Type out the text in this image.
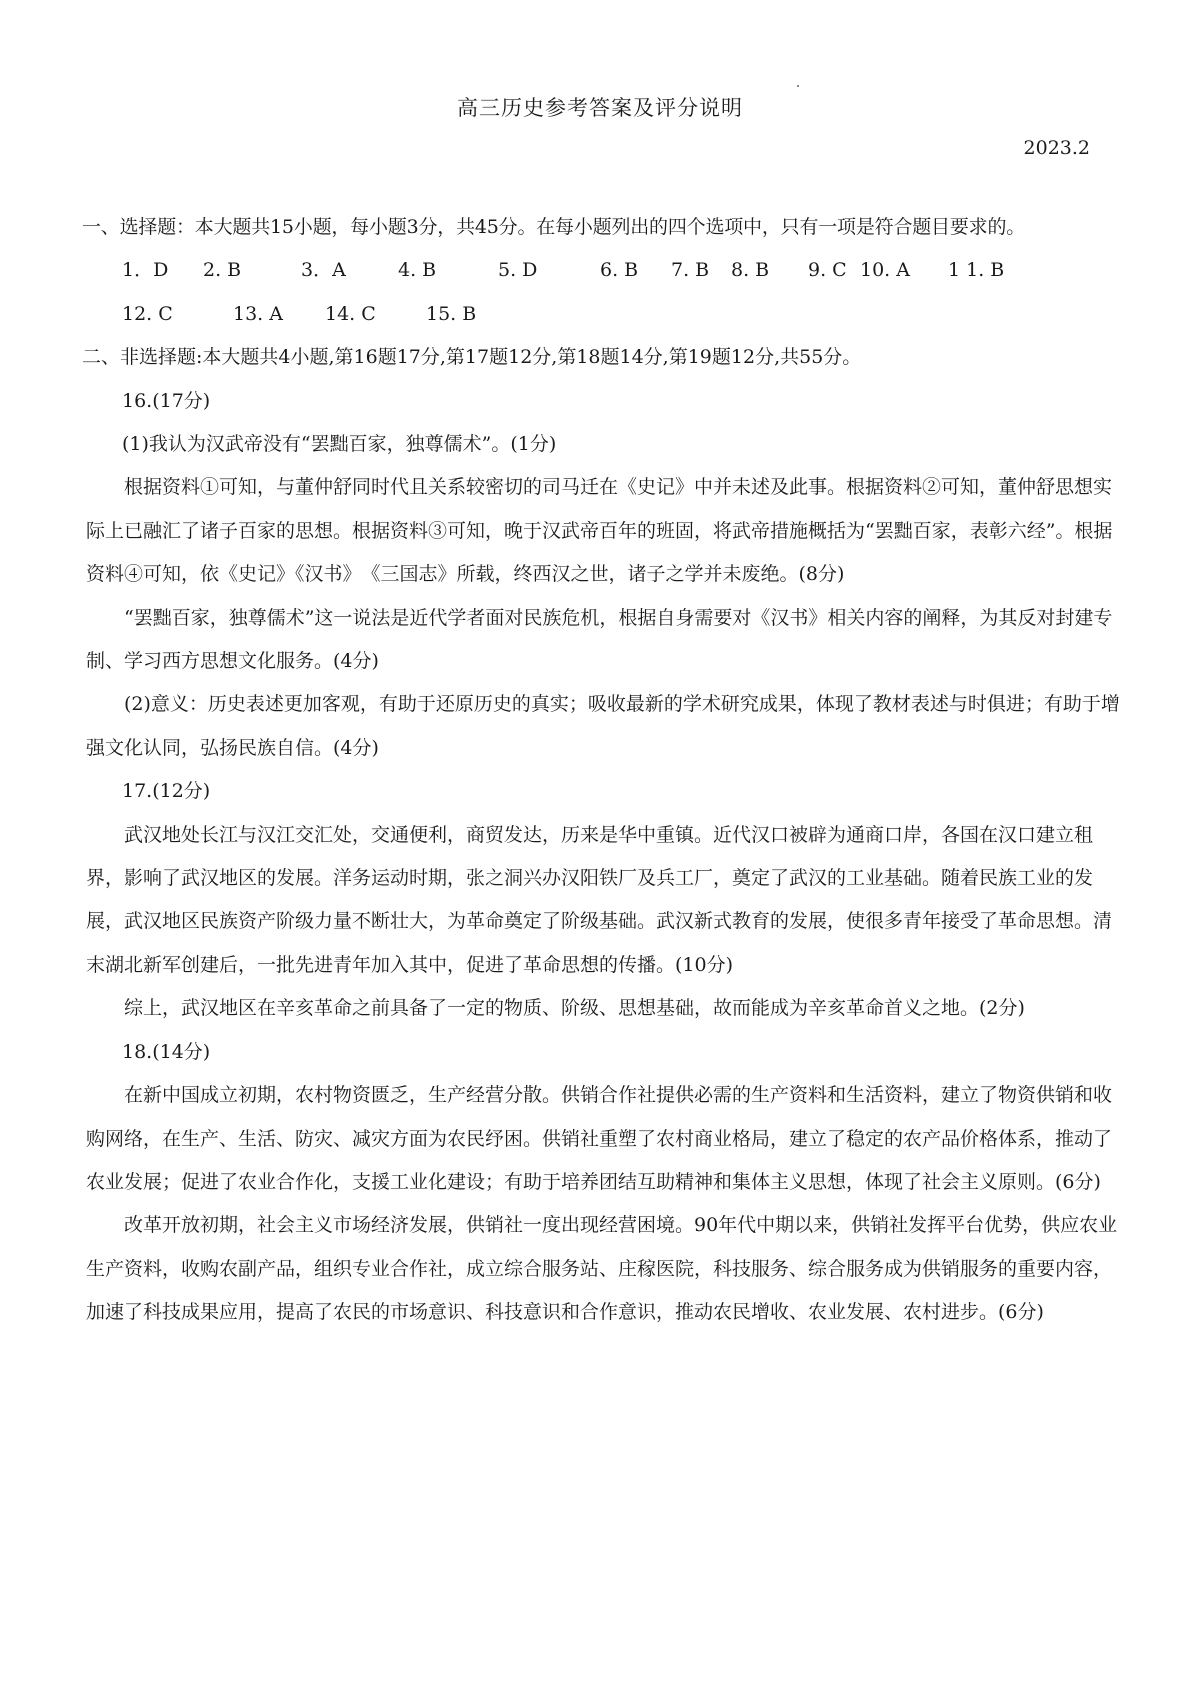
高三历史参考答案及评分说明
2023.2

一、选择题：本大题共15小题，每小题3分，共45分。在每小题列出的四个选项中，只有一项是符合题目要求的。

1．D	2. B	3．A	4. B	5. D	6. B	7. B	8. B	9. C 10. A	1 1. B
12. C	13. A	14. C	15. B

二、非选择题:本大题共4小题,第16题17分,第17题12分,第18题14分,第19题12分,共55分。

16.(17分)

(1)我认为汉武帝没有“罢黜百家，独尊儒术”。(1分)

根据资料①可知，与董仲舒同时代且关系较密切的司马迁在《史记》中并未述及此事。根据资料②可知，董仲舒思想实际上已融汇了诸子百家的思想。根据资料③可知，晚于汉武帝百年的班固，将武帝措施概括为“罢黜百家，表彰六经”。根据资料④可知，依《史记》《汉书》　《三国志》所载，终西汉之世，诸子之学并未废绝。(8分)

“罢黜百家，独尊儒术”这一说法是近代学者面对民族危机，根据自身需要对《汉书》相关内容的阐释，为其反对封建专制、学习西方思想文化服务。(4分)

(2)意义：历史表述更加客观，有助于还原历史的真实；吸收最新的学术研究成果，体现了教材表述与时俱进；有助于增强文化认同，弘扬民族自信。(4分)

17.(12分)

武汉地处长江与汉江交汇处，交通便利，商贸发达，历来是华中重镇。近代汉口被辟为通商口岸，各国在汉口建立租界，影响了武汉地区的发展。洋务运动时期，张之洞兴办汉阳铁厂及兵工厂，奠定了武汉的工业基础。随着民族工业的发展，武汉地区民族资产阶级力量不断壮大，为革命奠定了阶级基础。武汉新式教育的发展，使很多青年接受了革命思想。清末湖北新军创建后，一批先进青年加入其中，促进了革命思想的传播。(10分)

综上，武汉地区在辛亥革命之前具备了一定的物质、阶级、思想基础，故而能成为辛亥革命首义之地。(2分)

18.(14分)

在新中国成立初期，农村物资匮乏，生产经营分散。供销合作社提供必需的生产资料和生活资料，建立了物资供销和收购网络，在生产、生活、防灾、减灾方面为农民纾困。供销社重塑了农村商业格局，建立了稳定的农产品价格体系，推动了农业发展；促进了农业合作化，支援工业化建设；有助于培养团结互助精神和集体主义思想，体现了社会主义原则。(6分)

改革开放初期，社会主义市场经济发展，供销社一度出现经营困境。90年代中期以来，供销社发挥平台优势，供应农业生产资料，收购农副产品，组织专业合作社，成立综合服务站、庄稼医院，科技服务、综合服务成为供销服务的重要内容，加速了科技成果应用，提高了农民的市场意识、科技意识和合作意识，推动农民增收、农业发展、农村进步。(6分)
